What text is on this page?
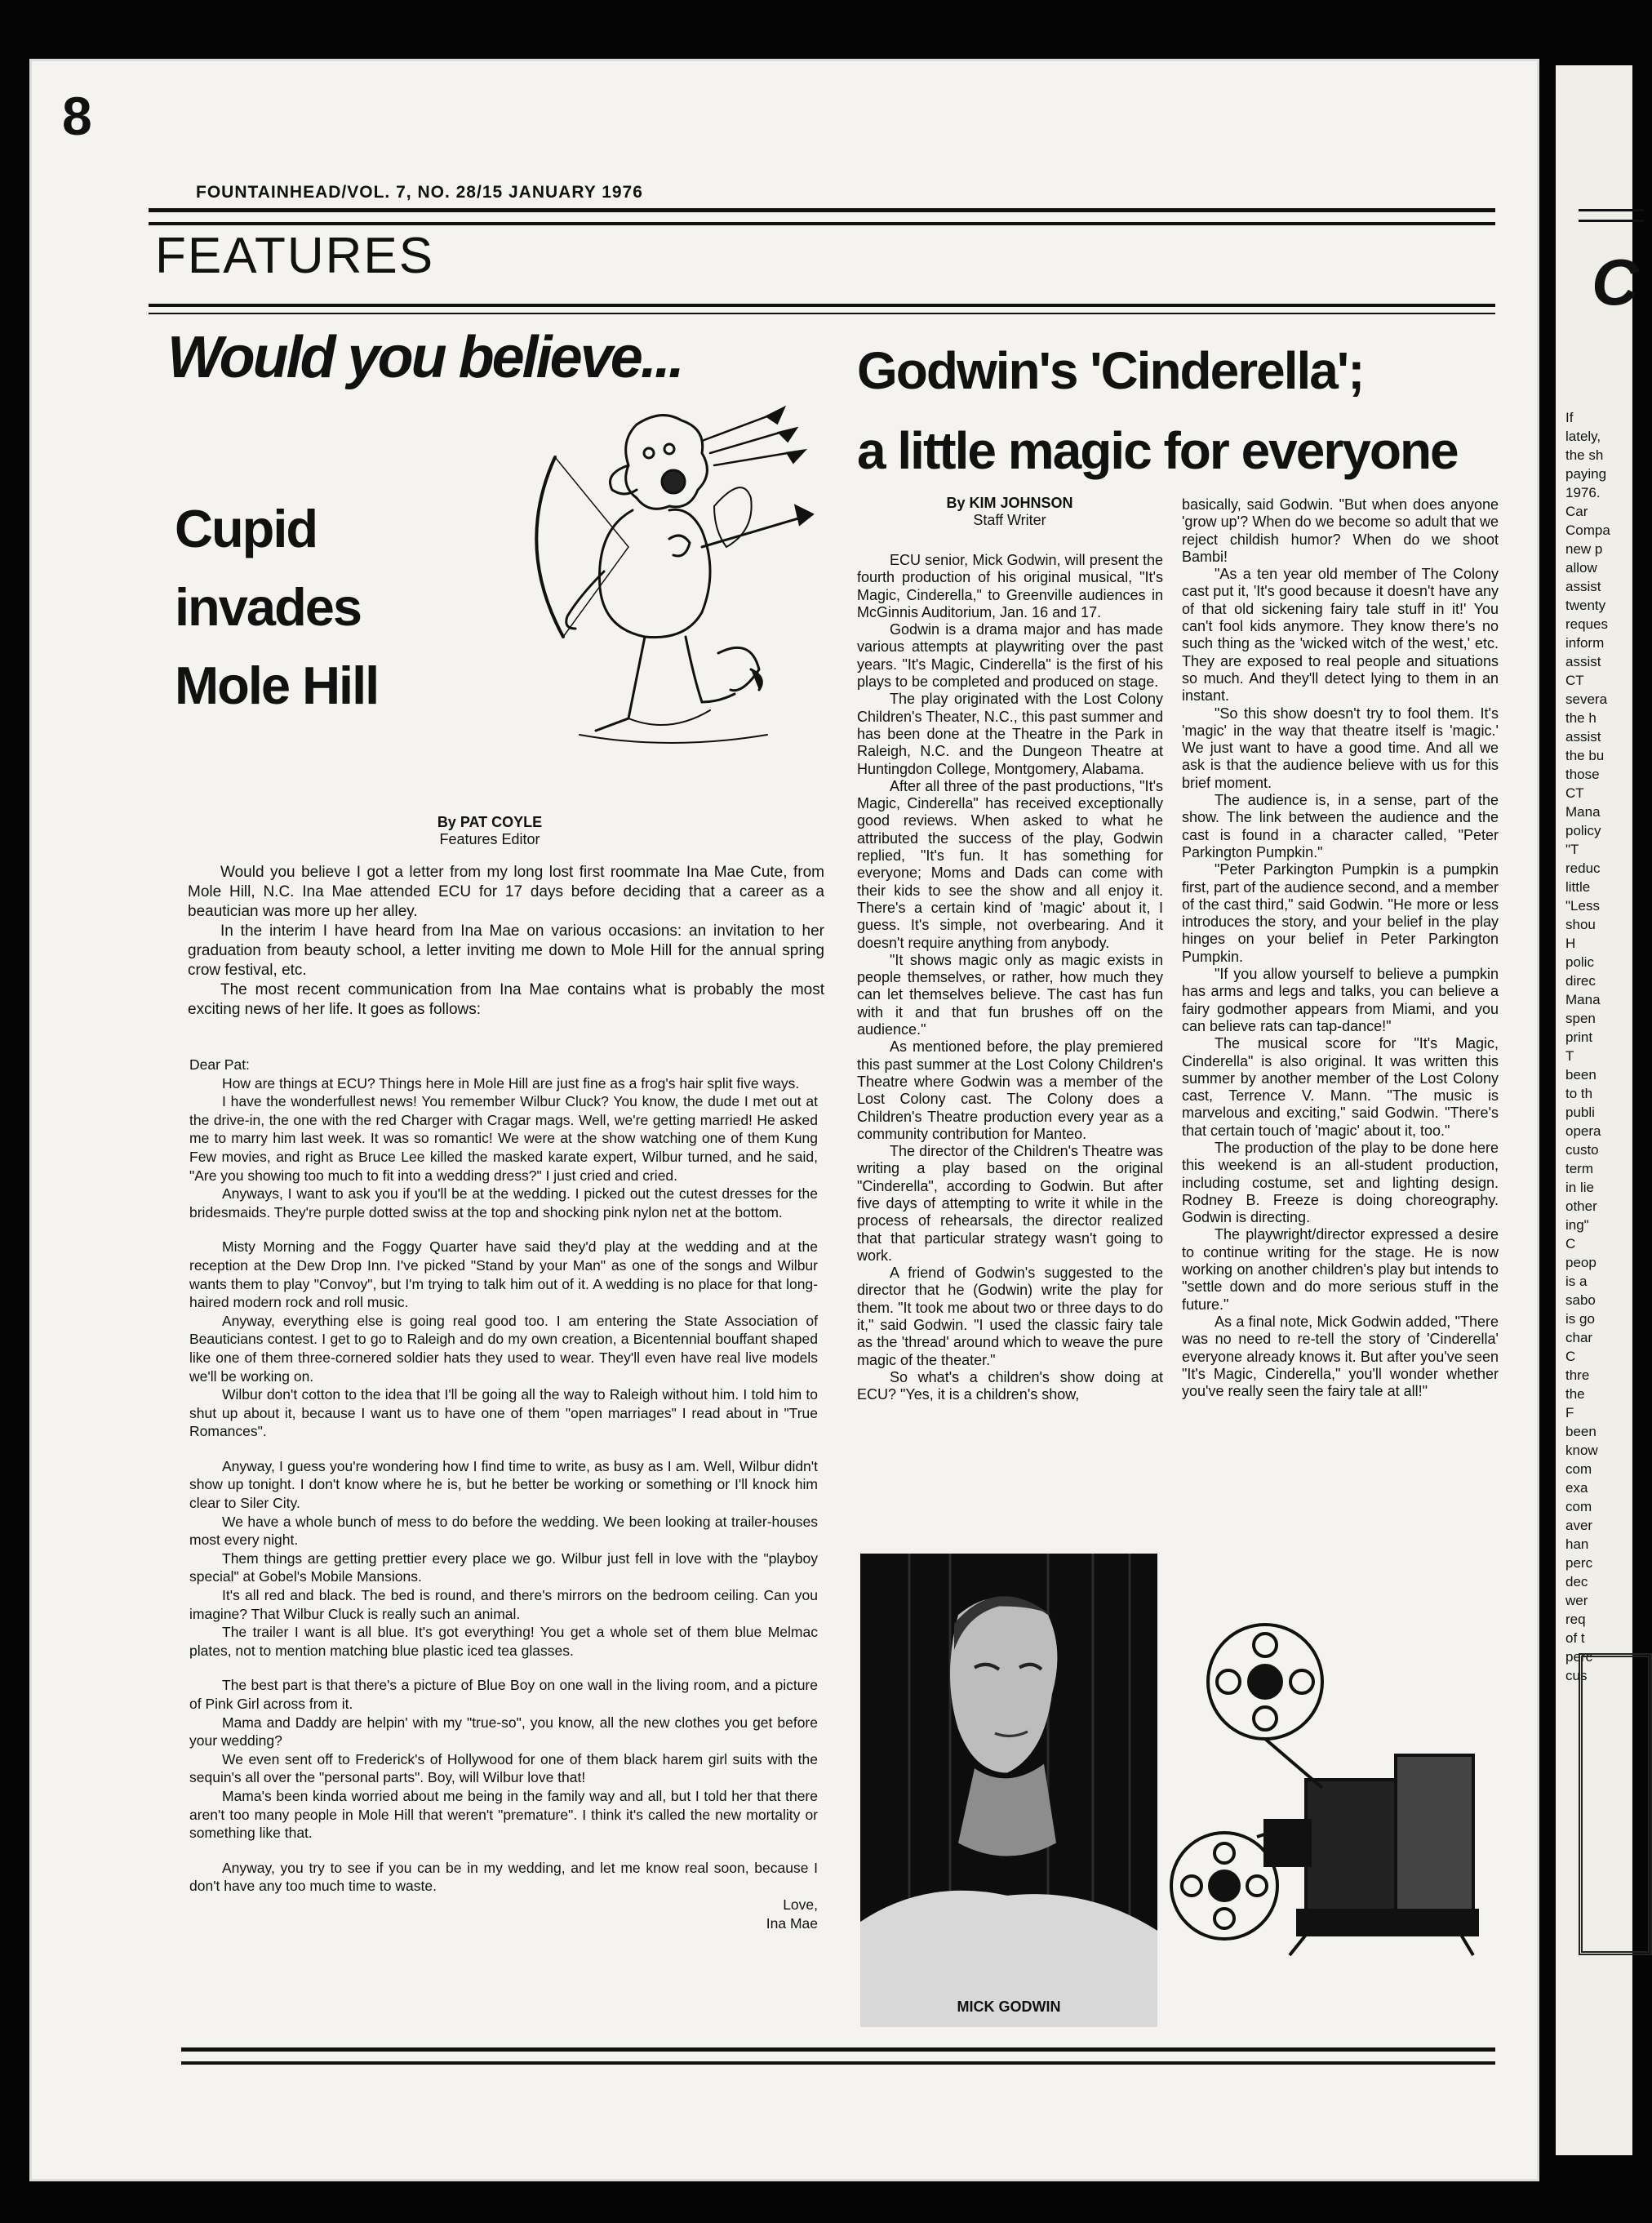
C
If
lately,
the sh
paying
1976.
Car
Compa
new p
allow
assist
twenty
reques
inform
assist
CT
severa
the h
assist
the bu
those
CT
Mana
policy
"T
reduc
little
"Less
shou
H
polic
direc
Mana
spen
print
T
been
to th
publi
opera
custo
term
in lie
other
ing"
C
peop
is a
sabo
is go
char
C
thre
the
F
been
know
com
exa
com
aver
han
perc
dec
wer
req
of t
perc
cus
8
FOUNTAINHEAD/VOL. 7, NO. 28/15 JANUARY 1976
FEATURES
Would you believe...
Cupid
invades
Mole Hill
By PAT COYLE
Features Editor

Would you believe I got a letter from my long lost first roommate Ina Mae Cute, from Mole Hill, N.C. Ina Mae attended ECU for 17 days before deciding that a career as a beautician was more up her alley.

In the interim I have heard from Ina Mae on various occasions: an invitation to her graduation from beauty school, a letter inviting me down to Mole Hill for the annual spring crow festival, etc.

The most recent communication from Ina Mae contains what is probably the most exciting news of her life. It goes as follows:

Dear Pat:

How are things at ECU? Things here in Mole Hill are just fine as a frog's hair split five ways.

I have the wonderfullest news! You remember Wilbur Cluck? You know, the dude I met out at the drive-in, the one with the red Charger with Cragar mags. Well, we're getting married! He asked me to marry him last week. It was so romantic! We were at the show watching one of them Kung Few movies, and right as Bruce Lee killed the masked karate expert, Wilbur turned, and he said, "Are you showing too much to fit into a wedding dress?" I just cried and cried.

Anyways, I want to ask you if you'll be at the wedding. I picked out the cutest dresses for the bridesmaids. They're purple dotted swiss at the top and shocking pink nylon net at the bottom.

Misty Morning and the Foggy Quarter have said they'd play at the wedding and at the reception at the Dew Drop Inn. I've picked "Stand by your Man" as one of the songs and Wilbur wants them to play "Convoy", but I'm trying to talk him out of it. A wedding is no place for that long-haired modern rock and roll music.

Anyway, everything else is going real good too. I am entering the State Association of Beauticians contest. I get to go to Raleigh and do my own creation, a Bicentennial bouffant shaped like one of them three-cornered soldier hats they used to wear. They'll even have real live models we'll be working on.

Wilbur don't cotton to the idea that I'll be going all the way to Raleigh without him. I told him to shut up about it, because I want us to have one of them "open marriages" I read about in "True Romances".

Anyway, I guess you're wondering how I find time to write, as busy as I am. Well, Wilbur didn't show up tonight. I don't know where he is, but he better be working or something or I'll knock him clear to Siler City.

We have a whole bunch of mess to do before the wedding. We been looking at trailer-houses most every night.

Them things are getting prettier every place we go. Wilbur just fell in love with the "playboy special" at Gobel's Mobile Mansions.

It's all red and black. The bed is round, and there's mirrors on the bedroom ceiling. Can you imagine? That Wilbur Cluck is really such an animal.

The trailer I want is all blue. It's got everything! You get a whole set of them blue Melmac plates, not to mention matching blue plastic iced tea glasses.

The best part is that there's a picture of Blue Boy on one wall in the living room, and a picture of Pink Girl across from it.

Mama and Daddy are helpin' with my "true-so", you know, all the new clothes you get before your wedding?

We even sent off to Frederick's of Hollywood for one of them black harem girl suits with the sequin's all over the "personal parts". Boy, will Wilbur love that!

Mama's been kinda worried about me being in the family way and all, but I told her that there aren't too many people in Mole Hill that weren't "premature". I think it's called the new mortality or something like that.

Anyway, you try to see if you can be in my wedding, and let me know real soon, because I don't have any too much time to waste.

Love,

Ina Mae

Godwin's 'Cinderella';
a little magic for everyone
By KIM JOHNSON
Staff Writer

ECU senior, Mick Godwin, will present the fourth production of his original musical, "It's Magic, Cinderella," to Greenville audiences in McGinnis Auditorium, Jan. 16 and 17.

Godwin is a drama major and has made various attempts at playwriting over the past years. "It's Magic, Cinderella" is the first of his plays to be completed and produced on stage.

The play originated with the Lost Colony Children's Theater, N.C., this past summer and has been done at the Theatre in the Park in Raleigh, N.C. and the Dungeon Theatre at Huntingdon College, Montgomery, Alabama.

After all three of the past productions, "It's Magic, Cinderella" has received exceptionally good reviews. When asked to what he attributed the success of the play, Godwin replied, "It's fun. It has something for everyone; Moms and Dads can come with their kids to see the show and all enjoy it. There's a certain kind of 'magic' about it, I guess. It's simple, not overbearing. And it doesn't require anything from anybody.

"It shows magic only as magic exists in people themselves, or rather, how much they can let themselves believe. The cast has fun with it and that fun brushes off on the audience."

As mentioned before, the play premiered this past summer at the Lost Colony Children's Theatre where Godwin was a member of the Lost Colony cast. The Colony does a Children's Theatre production every year as a community contribution for Manteo.

The director of the Children's Theatre was writing a play based on the original "Cinderella", according to Godwin. But after five days of attempting to write it while in the process of rehearsals, the director realized that that particular strategy wasn't going to work.

A friend of Godwin's suggested to the director that he (Godwin) write the play for them. "It took me about two or three days to do it," said Godwin. "I used the classic fairy tale as the 'thread' around which to weave the pure magic of the theater."

So what's a children's show doing at ECU? "Yes, it is a children's show,

basically, said Godwin. "But when does anyone 'grow up'? When do we become so adult that we reject childish humor? When do we shoot Bambi!

"As a ten year old member of The Colony cast put it, 'It's good because it doesn't have any of that old sickening fairy tale stuff in it!' You can't fool kids anymore. They know there's no such thing as the 'wicked witch of the west,' etc. They are exposed to real people and situations so much. And they'll detect lying to them in an instant.

"So this show doesn't try to fool them. It's 'magic' in the way that theatre itself is 'magic.' We just want to have a good time. And all we ask is that the audience believe with us for this brief moment.

The audience is, in a sense, part of the show. The link between the audience and the cast is found in a character called, "Peter Parkington Pumpkin."

"Peter Parkington Pumpkin is a pumpkin first, part of the audience second, and a member of the cast third," said Godwin. "He more or less introduces the story, and your belief in the play hinges on your belief in Peter Parkington Pumpkin.

"If you allow yourself to believe a pumpkin has arms and legs and talks, you can believe a fairy godmother appears from Miami, and you can believe rats can tap-dance!"

The musical score for "It's Magic, Cinderella" is also original. It was written this summer by another member of the Lost Colony cast, Terrence V. Mann. "The music is marvelous and exciting," said Godwin. "There's that certain touch of 'magic' about it, too."

The production of the play to be done here this weekend is an all-student production, including costume, set and lighting design. Rodney B. Freeze is doing choreography. Godwin is directing.

The playwright/director expressed a desire to continue writing for the stage. He is now working on another children's play but intends to "settle down and do more serious stuff in the future."

As a final note, Mick Godwin added, "There was no need to re-tell the story of 'Cinderella' everyone already knows it. But after you've seen "It's Magic, Cinderella," you'll wonder whether you've really seen the fairy tale at all!"

MICK GODWIN
